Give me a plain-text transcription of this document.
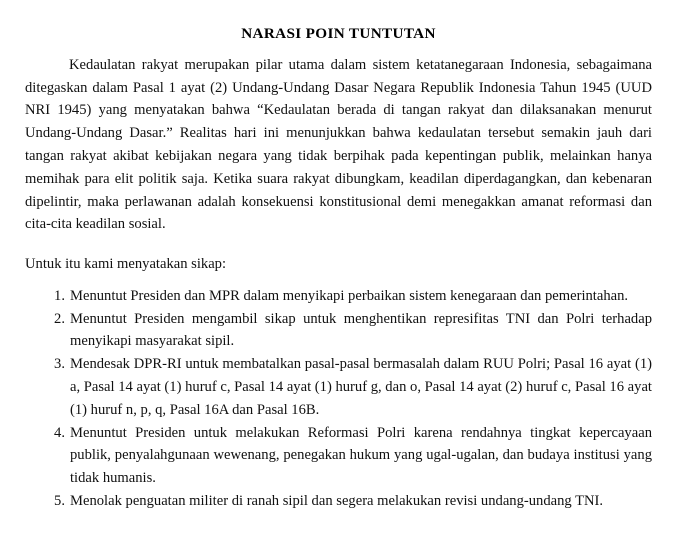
NARASI POIN TUNTUTAN

Kedaulatan rakyat merupakan pilar utama dalam sistem ketatanegaraan Indonesia, sebagaimana ditegaskan dalam Pasal 1 ayat (2) Undang-Undang Dasar Negara Republik Indonesia Tahun 1945 (UUD NRI 1945) yang menyatakan bahwa “Kedaulatan berada di tangan rakyat dan dilaksanakan menurut Undang-Undang Dasar.” Realitas hari ini menunjukkan bahwa kedaulatan tersebut semakin jauh dari tangan rakyat akibat kebijakan negara yang tidak berpihak pada kepentingan publik, melainkan hanya memihak para elit politik saja. Ketika suara rakyat dibungkam, keadilan diperdagangkan, dan kebenaran dipelintir, maka perlawanan adalah konsekuensi konstitusional demi menegakkan amanat reformasi dan cita-cita keadilan sosial.

Untuk itu kami menyatakan sikap:

1. Menuntut Presiden dan MPR dalam menyikapi perbaikan sistem kenegaraan dan pemerintahan.
2. Menuntut Presiden mengambil sikap untuk menghentikan represifitas TNI dan Polri terhadap menyikapi masyarakat sipil.
3. Mendesak DPR-RI untuk membatalkan pasal-pasal bermasalah dalam RUU Polri; Pasal 16 ayat (1) a, Pasal 14 ayat (1) huruf c, Pasal 14 ayat (1) huruf g, dan o, Pasal 14 ayat (2) huruf c, Pasal 16 ayat (1) huruf n, p, q, Pasal 16A dan Pasal 16B.
4. Menuntut Presiden untuk melakukan Reformasi Polri karena rendahnya tingkat kepercayaan publik, penyalahgunaan wewenang, penegakan hukum yang ugal-ugalan, dan budaya institusi yang tidak humanis.
5. Menolak penguatan militer di ranah sipil dan segera melakukan revisi undang-undang TNI.
